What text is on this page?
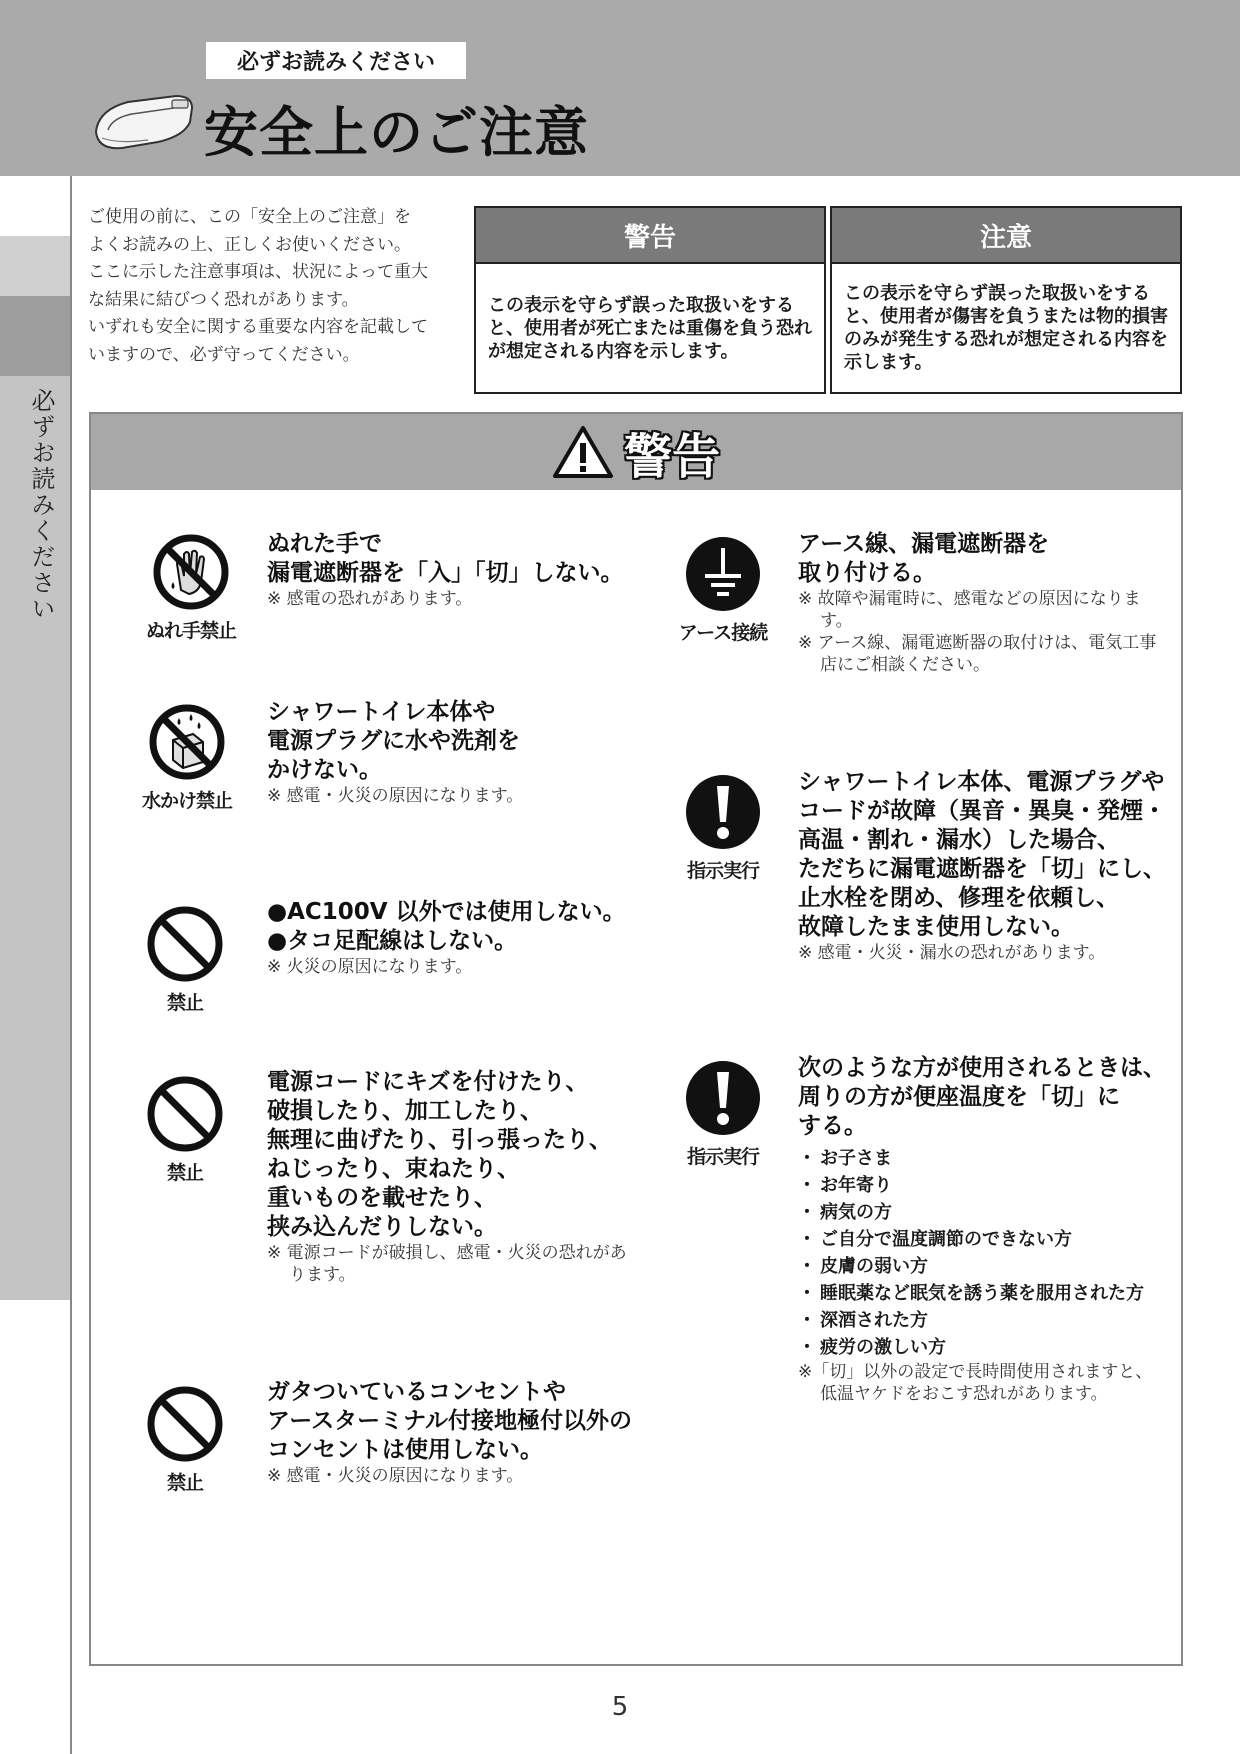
必ずお読みください
安全上のご注意
必ずお読みください

ご使用の前に、この「安全上のご注意」を

よくお読みの上、正しくお使いください。

ここに示した注意事項は、状況によって重大

な結果に結びつく恐れがあります。

いずれも安全に関する重要な内容を記載して

いますので、必ず守ってください。

警告
この表示を守らず誤った取扱いをすると、使用者が死亡または重傷を負う恐れが想定される内容を示します。
注意
この表示を守らず誤った取扱いをすると、使用者が傷害を負うまたは物的損害のみが発生する恐れが想定される内容を示します。
警告
ぬれ手禁止

ぬれた手で

漏電遮断器を「入」「切」しない。

※ 感電の恐れがあります。
水かけ禁止

シャワートイレ本体や

電源プラグに水や洗剤を

かけない。

※ 感電・火災の原因になります。
禁止

●AC100V 以外では使用しない。

●タコ足配線はしない。

※ 火災の原因になります。
禁止

電源コードにキズを付けたり、

破損したり、加工したり、

無理に曲げたり、引っ張ったり、

ねじったり、束ねたり、

重いものを載せたり、

挟み込んだりしない。

※ 電源コードが破損し、感電・火災の恐れがあります。
禁止

ガタついているコンセントや

アースターミナル付接地極付以外の

コンセントは使用しない。

※ 感電・火災の原因になります。
アース接続

アース線、漏電遮断器を

取り付ける。

※ 故障や漏電時に、感電などの原因になります。
※ アース線、漏電遮断器の取付けは、電気工事店にご相談ください。
指示実行

シャワートイレ本体、電源プラグや

コードが故障（異音・異臭・発煙・

高温・割れ・漏水）した場合、

ただちに漏電遮断器を「切」にし、

止水栓を閉め、修理を依頼し、

故障したまま使用しない。

※ 感電・火災・漏水の恐れがあります。
指示実行

次のような方が使用されるときは、

周りの方が便座温度を「切」に

する。

・ お子さま
・ お年寄り
・ 病気の方
・ ご自分で温度調節のできない方
・ 皮膚の弱い方
・ 睡眠薬など眠気を誘う薬を服用された方
・ 深酒された方
・ 疲労の激しい方
※「切」以外の設定で長時間使用されますと、低温ヤケドをおこす恐れがあります。
5
